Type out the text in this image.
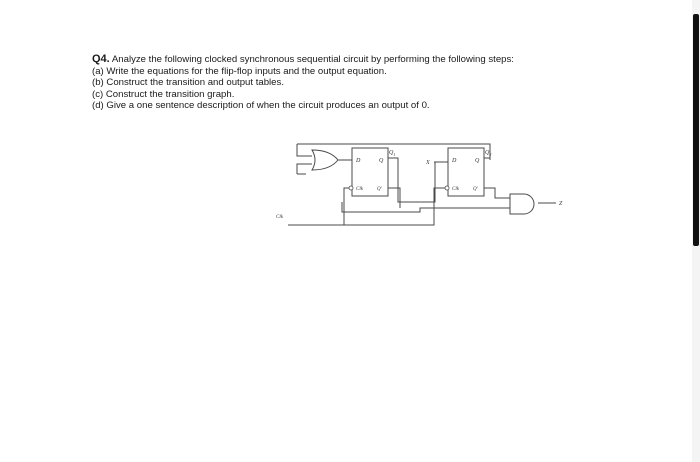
Q4. Analyze the following clocked synchronous sequential circuit by performing the following steps:
(a) Write the equations for the flip-flop inputs and the output equation.
(b) Construct the transition and output tables.
(c) Construct the transition graph.
(d) Give a one sentence description of when the circuit produces an output of 0.
D	Q
$Q_1$
Clk	Q'
D	Q
$Q_2$
Clk	Q'
X
Z
Clk
